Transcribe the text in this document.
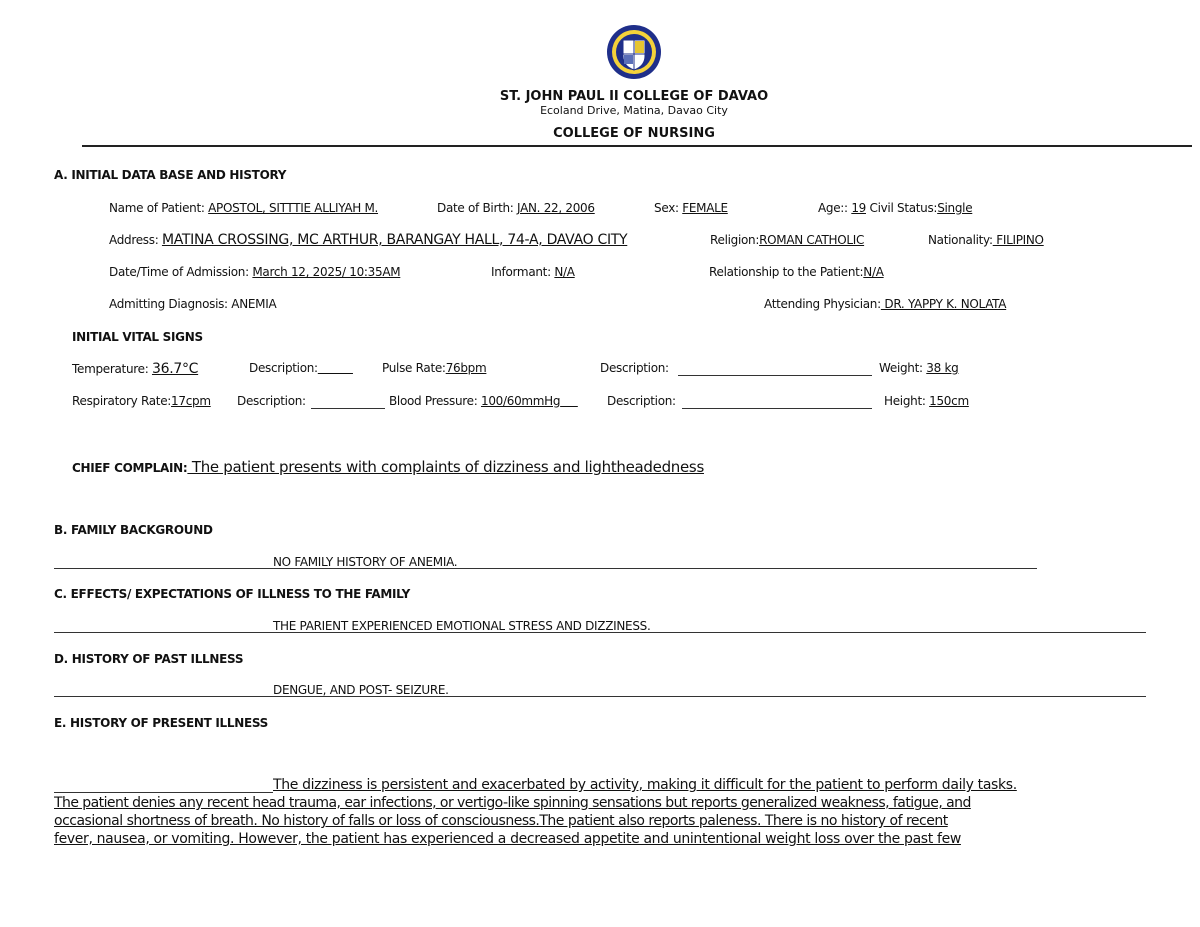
ST. JOHN PAUL II COLLEGE OF DAVAO
Ecoland Drive, Matina, Davao City
COLLEGE OF NURSING
A. INITIAL DATA BASE AND HISTORY
Name of Patient: APOSTOL, SITTTIE ALLIYAH M.	Date of Birth: JAN. 22, 2006	Sex: FEMALE	Age:: 19 Civil Status:Single
Address: MATINA CROSSING, MC ARTHUR, BARANGAY HALL, 74-A, DAVAO CITY	Religion:ROMAN CATHOLIC	Nationality: FILIPINO
Date/Time of Admission: March 12, 2025/ 10:35AM	Informant: N/A	Relationship to the Patient:N/A
Admitting Diagnosis: ANEMIA	Attending Physician: DR. YAPPY K. NOLATA
INITIAL VITAL SIGNS
Temperature: 36.7°C	Description:	Pulse Rate:76bpm	Description:	Weight: 38 kg
Respiratory Rate:17cpm Description:	Blood Pressure: 100/60mmHg	Description:	Height: 150cm
CHIEF COMPLAIN: The patient presents with complaints of dizziness and lightheadedness
B. FAMILY BACKGROUND
NO FAMILY HISTORY OF ANEMIA.
C. EFFECTS/ EXPECTATIONS OF ILLNESS TO THE FAMILY
THE PARIENT EXPERIENCED EMOTIONAL STRESS AND DIZZINESS.
D. HISTORY OF PAST ILLNESS
DENGUE, AND POST- SEIZURE.
E. HISTORY OF PRESENT ILLNESS
The dizziness is persistent and exacerbated by activity, making it difficult for the patient to perform daily tasks.
The patient denies any recent head trauma, ear infections, or vertigo-like spinning sensations but reports generalized weakness, fatigue, and
occasional shortness of breath. No history of falls or loss of consciousness.The patient also reports paleness. There is no history of recent
fever, nausea, or vomiting. However, the patient has experienced a decreased appetite and unintentional weight loss over the past few
